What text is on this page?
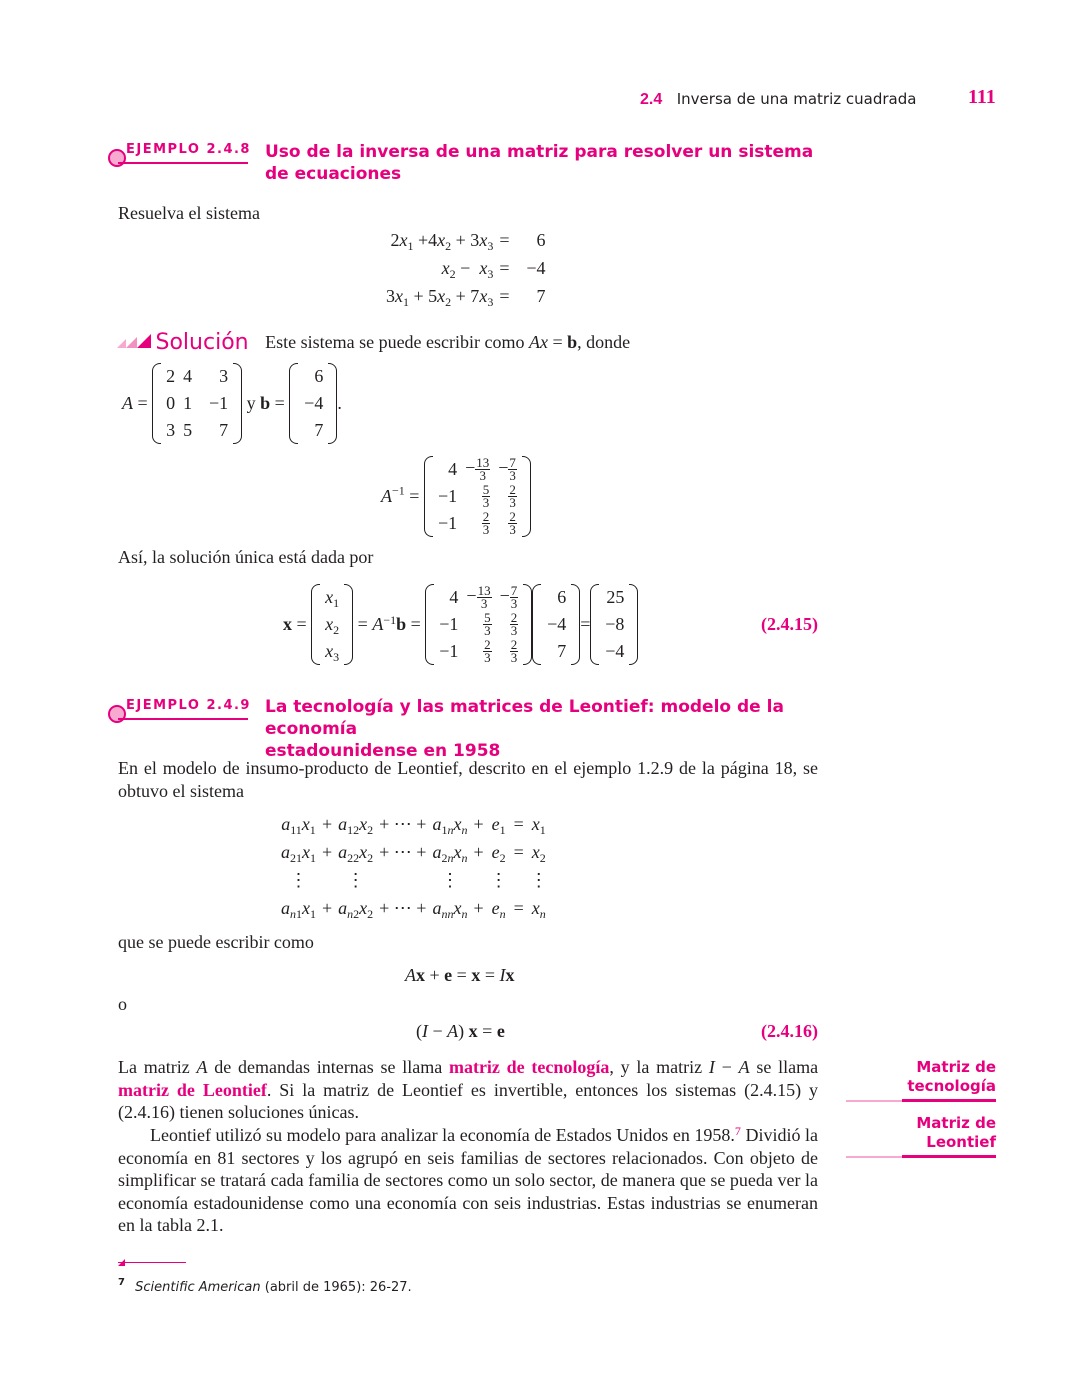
2.4 Inversa de una matriz cuadrada	111
EJEMPLO 2.4.8 Uso de la inversa de una matriz para resolver un sistema
de ecuaciones
Resuelva el sistema
$2x_1 +4x_2 + 3x_3$	=	6
$x_2 - x_3$	=	−4
$3x_1 + 5x_2 + 7x_3$	=	7
Solución Este sistema se puede escribir como Ax = b, donde
A =
2	4	3
0	1	−1
3	5	7
y b =
6
−4
7
.
$A^{-1}$ =
4	− $\frac{13}{3}$	− $\frac{7}{3}$

−1	$\frac{5}{3}$	$\frac{2}{3}$

−1	$\frac{2}{3}$	$\frac{2}{3}$
Así, la solución única está dada por
x =
$x_1$
$x_2$
$x_3$
= $A^{-1}b$ =
4	− $\frac{13}{3}$	− $\frac{7}{3}$

−1	$\frac{5}{3}$	$\frac{2}{3}$

−1	$\frac{2}{3}$	$\frac{2}{3}$
6
−4
7
=
25
−8
−4
(2.4.15)
EJEMPLO 2.4.9 La tecnología y las matrices de Leontief: modelo de la economía
estadounidense en 1958
En el modelo de insumo-producto de Leontief, descrito en el ejemplo 1.2.9 de la página 18, se obtuvo el sistema
$a_{11}x_1$	+	$a_{12}x_2$	+ ⋯ +	$a_{1n}x_n$	+	$e_1$	=	$x_1$
$a_{21}x_1$	+	$a_{22}x_2$	+ ⋯ +	$a_{2n}x_n$	+	$e_2$	=	$x_2$
⋮		⋮		⋮		⋮		⋮
$a_{n1}x_1$	+	$a_{n2}x_2$	+ ⋯ +	$a_{nn}x_n$	+	$e_n$	=	$x_n$
que se puede escribir como
Ax + e = x = Ix
o
(I − A) x = e	(2.4.16)
La matriz A de demandas internas se llama matriz de tecnología, y la matriz I − A se llama matriz de Leontief. Si la matriz de Leontief es invertible, entonces los sistemas (2.4.15) y (2.4.16) tienen soluciones únicas.
Leontief utilizó su modelo para analizar la economía de Estados Unidos en 1958.$^7$ Dividió la economía en 81 sectores y los agrupó en seis familias de sectores relacionados. Con objeto de simplificar se tratará cada familia de sectores como un solo sector, de manera que se pueda ver la economía estadounidense como una economía con seis industrias. Estas industrias se enumeran en la tabla 2.1.
Matriz de
tecnología
Matriz de
Leontief
$^7$ Scientific American (abril de 1965): 26-27.
